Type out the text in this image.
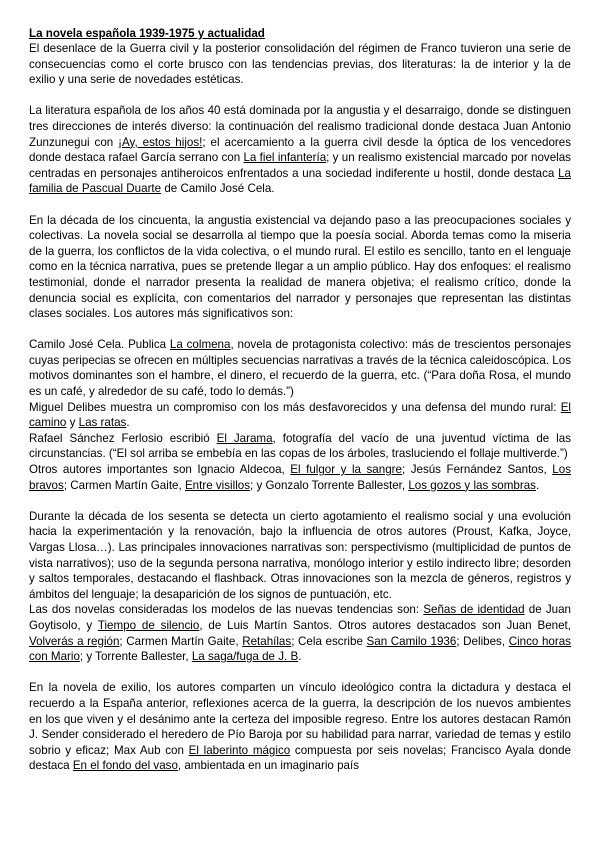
La novela española 1939-1975 y actualidad

El desenlace de la Guerra civil y la posterior consolidación del régimen de Franco tuvieron una serie de consecuencias como el corte brusco con las tendencias previas, dos literaturas: la de interior y la de exilio y una serie de novedades estéticas.

La literatura española de los años 40 está dominada por la angustia y el desarraigo, donde se distinguen tres direcciones de interés diverso: la continuación del realismo tradicional donde destaca Juan Antonio Zunzunegui con ¡Ay, estos hijos!; el acercamiento a la guerra civil desde la óptica de los vencedores donde destaca rafael García serrano con La fiel infantería; y un realismo existencial marcado por novelas centradas en personajes antiheroicos enfrentados a una sociedad indiferente u hostil, donde destaca La familia de Pascual Duarte de Camilo José Cela.

En la década de los cincuenta, la angustia existencial va dejando paso a las preocupaciones sociales y colectivas. La novela social se desarrolla al tiempo que la poesía social. Aborda temas como la miseria de la guerra, los conflictos de la vida colectiva, o el mundo rural. El estilo es sencillo, tanto en el lenguaje como en la técnica narrativa, pues se pretende llegar a un amplio público. Hay dos enfoques: el realismo testimonial, donde el narrador presenta la realidad de manera objetiva; el realismo crítico, donde la denuncia social es explícita, con comentarios del narrador y personajes que representan las distintas clases sociales. Los autores más significativos son:

Camilo José Cela. Publica La colmena, novela de protagonista colectivo: más de trescientos personajes cuyas peripecias se ofrecen en múltiples secuencias narrativas a través de la técnica caleidoscópica. Los motivos dominantes son el hambre, el dinero, el recuerdo de la guerra, etc. (“Para doña Rosa, el mundo es un café, y alrededor de su café, todo lo demás.”)

Miguel Delibes muestra un compromiso con los más desfavorecidos y una defensa del mundo rural: El camino y Las ratas.

Rafael Sánchez Ferlosio escribió El Jarama, fotografía del vacío de una juventud víctima de las circunstancias. (“El sol arriba se embebía en las copas de los árboles, trasluciendo el follaje multiverde.”)

Otros autores importantes son Ignacio Aldecoa, El fulgor y la sangre; Jesús Fernández Santos, Los bravos; Carmen Martín Gaite, Entre visillos; y Gonzalo Torrente Ballester, Los gozos y las sombras.

Durante la década de los sesenta se detecta un cierto agotamiento el realismo social y una evolución hacia la experimentación y la renovación, bajo la influencia de otros autores (Proust, Kafka, Joyce, Vargas Llosa…). Las principales innovaciones narrativas son: perspectivismo (multiplicidad de puntos de vista narrativos); uso de la segunda persona narrativa, monólogo interior y estilo indirecto libre; desorden y saltos temporales, destacando el flashback. Otras innovaciones son la mezcla de géneros, registros y ámbitos del lenguaje; la desaparición de los signos de puntuación, etc.

Las dos novelas consideradas los modelos de las nuevas tendencias son: Señas de identidad de Juan Goytisolo, y Tiempo de silencio, de Luis Martín Santos. Otros autores destacados son Juan Benet, Volverás a región; Carmen Martín Gaite, Retahílas; Cela escribe San Camilo 1936; Delibes, Cinco horas con Mario; y Torrente Ballester, La saga/fuga de J. B.

En la novela de exilio, los autores comparten un vínculo ideológico contra la dictadura y destaca el recuerdo a la España anterior, reflexiones acerca de la guerra, la descripción de los nuevos ambientes en los que viven y el desánimo ante la certeza del imposible regreso. Entre los autores destacan Ramón J. Sender considerado el heredero de Pío Baroja por su habilidad para narrar, variedad de temas y estilo sobrio y eficaz; Max Aub con El laberinto mágico compuesta por seis novelas; Francisco Ayala donde destaca En el fondo del vaso, ambientada en un imaginario país
